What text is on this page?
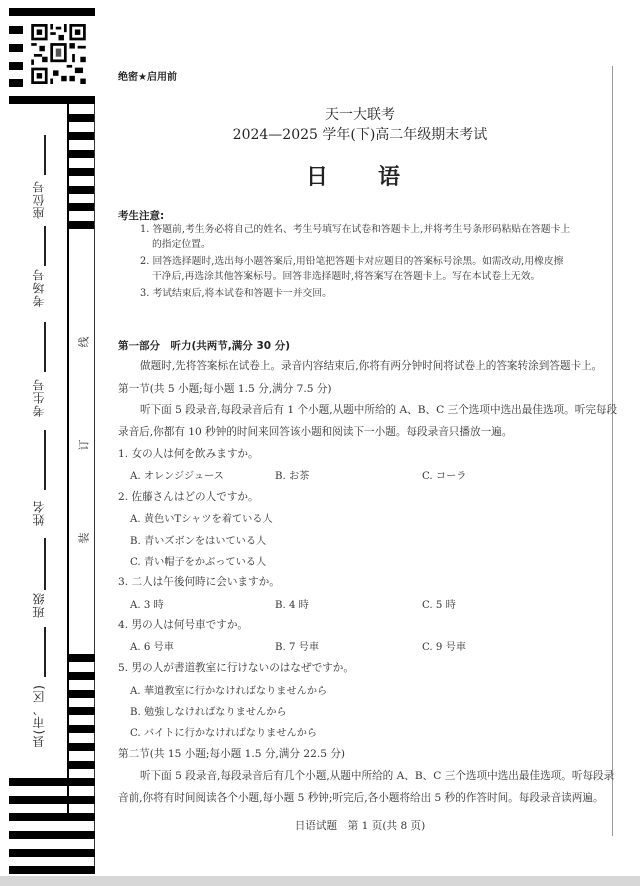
座位号
考场号
考生号
姓名
班级
县(市、区)
线
订
装
绝密★启用前
天一大联考
2024—2025 学年(下)高二年级期末考试
日　语
考生注意:
1. 答题前,考生务必将自己的姓名、考生号填写在试卷和答题卡上,并将考生号条形码粘贴在答题卡上
的指定位置。
2. 回答选择题时,选出每小题答案后,用铅笔把答题卡对应题目的答案标号涂黑。如需改动,用橡皮擦
干净后,再选涂其他答案标号。回答非选择题时,将答案写在答题卡上。写在本试卷上无效。
3. 考试结束后,将本试卷和答题卡一并交回。
第一部分　听力(共两节,满分 30 分)
做题时,先将答案标在试卷上。录音内容结束后,你将有两分钟时间将试卷上的答案转涂到答题卡上。
第一节(共 5 小题;每小题 1.5 分,满分 7.5 分)
听下面 5 段录音,每段录音后有 1 个小题,从题中所给的 A、B、C 三个选项中选出最佳选项。听完每段
录音后,你都有 10 秒钟的时间来回答该小题和阅读下一小题。每段录音只播放一遍。
1. 女の人は何を飲みますか。
A. オレンジジュース	B. お茶	C. コーラ
2. 佐藤さんはどの人ですか。
A. 黄色いTシャツを着ている人
B. 青いズボンをはいている人
C. 青い帽子をかぶっている人
3. 二人は午後何時に会いますか。
A. 3 時	B. 4 時	C. 5 時
4. 男の人は何号車ですか。
A. 6 号車	B. 7 号車	C. 9 号車
5. 男の人が書道教室に行けないのはなぜですか。
A. 華道教室に行かなければなりませんから
B. 勉強しなければなりませんから
C. バイトに行かなければなりませんから
第二节(共 15 小题;每小题 1.5 分,满分 22.5 分)
听下面 5 段录音,每段录音后有几个小题,从题中所给的 A、B、C 三个选项中选出最佳选项。听每段录
音前,你将有时间阅读各个小题,每小题 5 秒钟;听完后,各小题将给出 5 秒的作答时间。每段录音读两遍。
日语试题　第 1 页(共 8 页)
